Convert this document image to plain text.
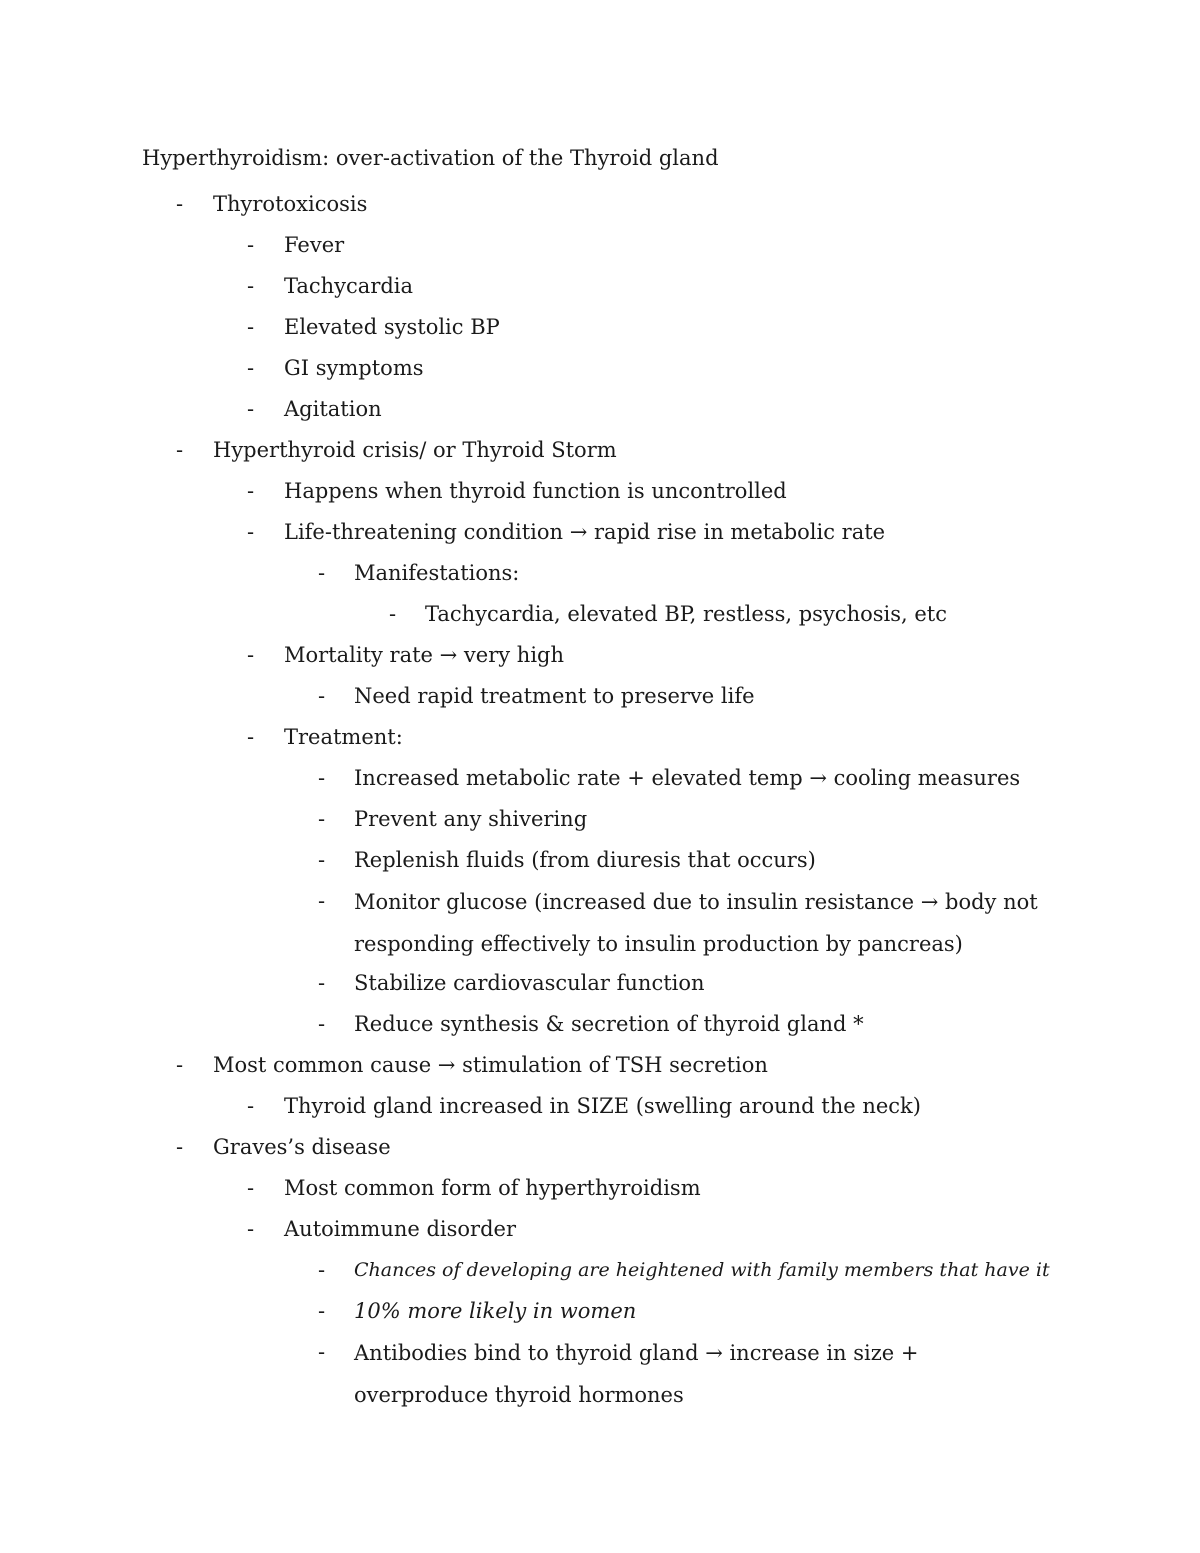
Hyperthyroidism: over-activation of the Thyroid gland
- Thyrotoxicosis
- Fever
- Tachycardia
- Elevated systolic BP
- GI symptoms
- Agitation
- Hyperthyroid crisis/ or Thyroid Storm
- Happens when thyroid function is uncontrolled
- Life-threatening condition → rapid rise in metabolic rate
- Manifestations:
- Tachycardia, elevated BP, restless, psychosis, etc
- Mortality rate → very high
- Need rapid treatment to preserve life
- Treatment:
- Increased metabolic rate + elevated temp → cooling measures
- Prevent any shivering
- Replenish fluids (from diuresis that occurs)
- Monitor glucose (increased due to insulin resistance → body not responding effectively to insulin production by pancreas)
- Stabilize cardiovascular function
- Reduce synthesis & secretion of thyroid gland *
- Most common cause → stimulation of TSH secretion
- Thyroid gland increased in SIZE (swelling around the neck)
- Graves’s disease
- Most common form of hyperthyroidism
- Autoimmune disorder
- Chances of developing are heightened with family members that have it
- 10% more likely in women
- Antibodies bind to thyroid gland → increase in size + overproduce thyroid hormones
